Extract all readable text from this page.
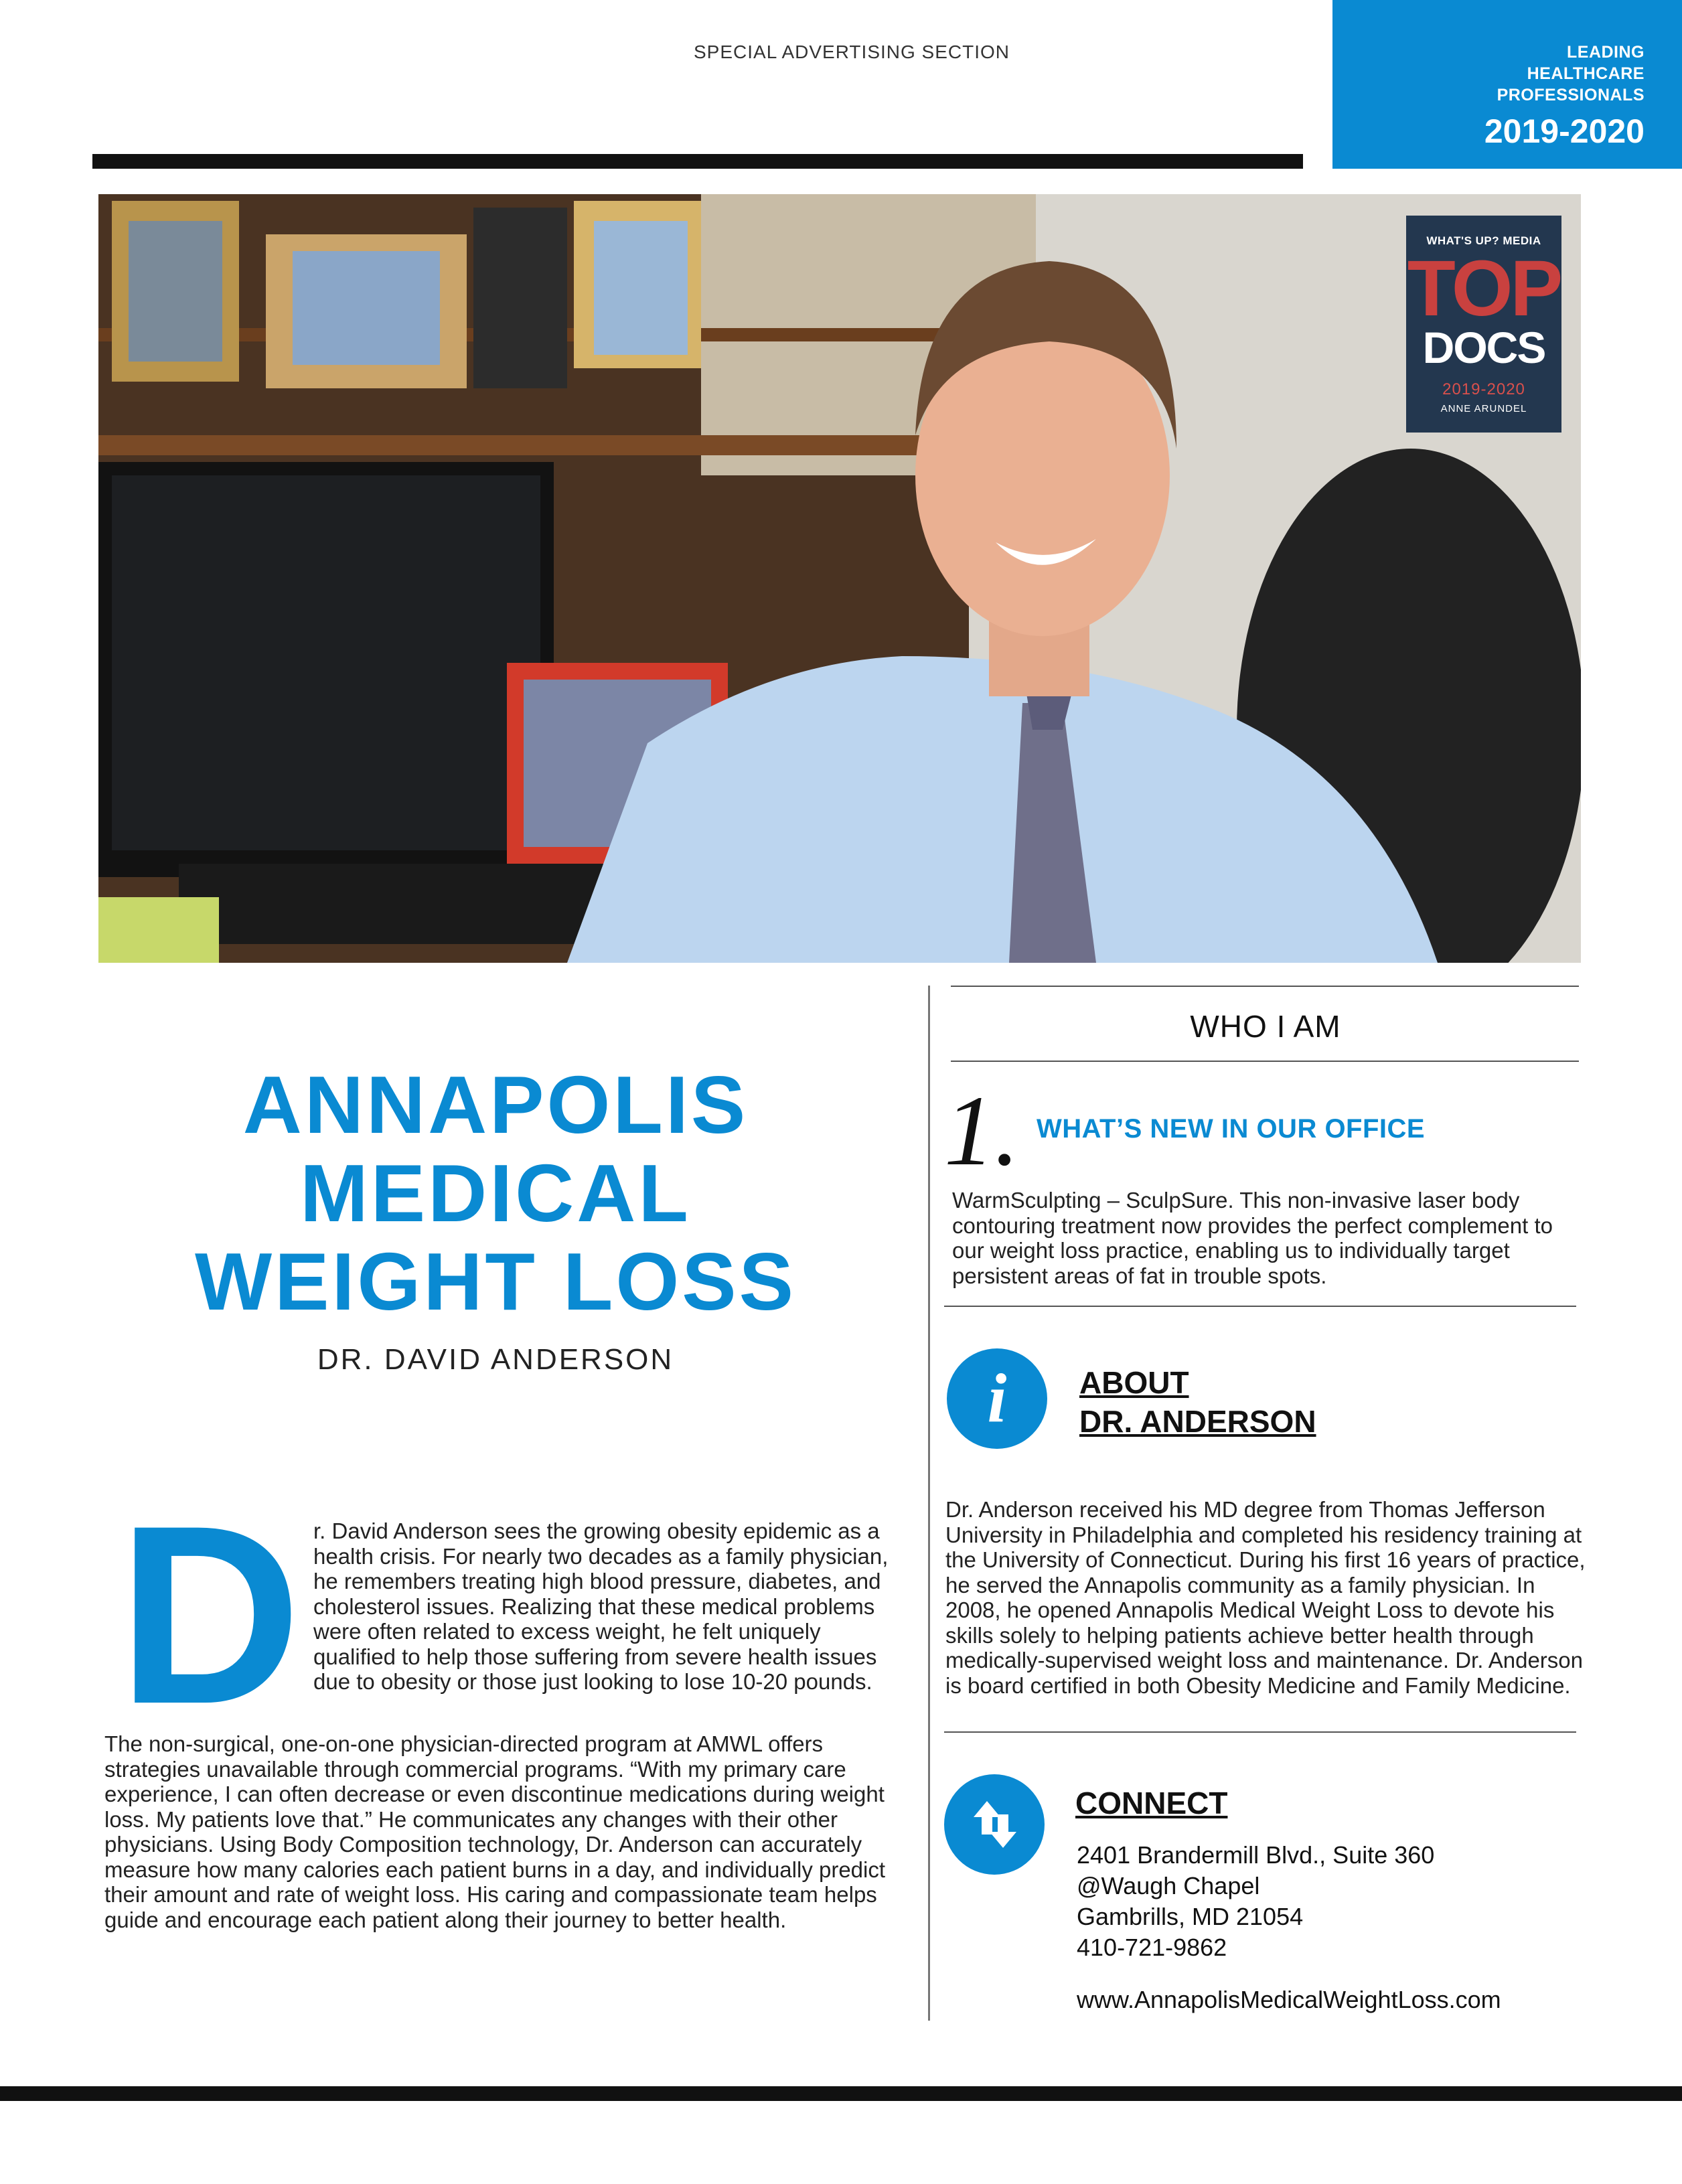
SPECIAL ADVERTISING SECTION	LEADING
HEALTHCARE
PROFESSIONALS
2019-2020
WHAT'S UP? MEDIA
TOP
DOCS
2019-2020
ANNE ARUNDEL
ANNAPOLIS
MEDICAL
WEIGHT LOSS
DR. DAVID ANDERSON
D r. David Anderson sees the growing obesity epidemic as a health crisis. For nearly two decades as a family physician, he remembers treating high blood pressure, diabetes, and cholesterol issues. Realizing that these medical problems were often related to excess weight, he felt uniquely qualified to help those suffering from severe health issues due to obesity or those just looking to lose 10-20 pounds.

The non-surgical, one-on-one physician-directed program at AMWL offers strategies unavailable through commercial programs. “With my primary care experience, I can often decrease or even discontinue medications during weight loss. My patients love that.” He communicates any changes with their other physicians. Using Body Composition technology, Dr. Anderson can accurately measure how many calories each patient burns in a day, and individually predict their amount and rate of weight loss. His caring and compassionate team helps guide and encourage each patient along their journey to better health.

WHO I AM
1. WHAT’S NEW IN OUR OFFICE

WarmSculpting – SculpSure. This non-invasive laser body contouring treatment now provides the perfect complement to our weight loss practice, enabling us to individually target persistent areas of fat in trouble spots.

i	ABOUT
DR. ANDERSON

Dr. Anderson received his MD degree from Thomas Jefferson University in Philadelphia and completed his residency training at the University of Connecticut. During his first 16 years of practice, he served the Annapolis community as a family physician. In 2008, he opened Annapolis Medical Weight Loss to devote his skills solely to helping patients achieve better health through medically-supervised weight loss and maintenance. Dr. Anderson is board certified in both Obesity Medicine and Family Medicine.

CONNECT
2401 Brandermill Blvd., Suite 360
@Waugh Chapel
Gambrills, MD 21054
410-721-9862
www.AnnapolisMedicalWeightLoss.com
